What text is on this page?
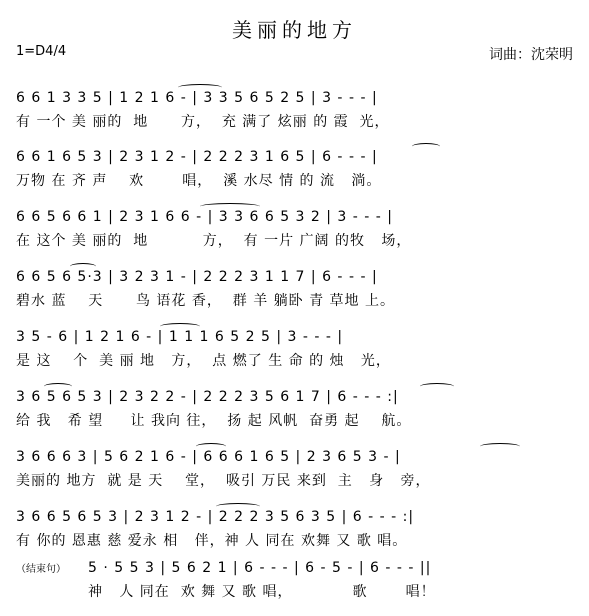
美丽的地方
1=D4/4	词曲：沈荣明
6 6 1 3 3 5 | 1 2 1 6 - | 3 3 5 6 5 2 5 | 3 - - - |
有 一个 美 丽的  地      方，  充 满了 炫丽 的 霞  光，
6 6 1 6 5 3 | 2 3 1 2 - | 2 2 2 3 1 6 5 | 6 - - - |
万物 在 齐 声    欢       唱，  溪 水尽 情 的 流   淌。
6 6 5 6 6 1 | 2 3 1 6 6 - | 3 3 6 6 5 3 2 | 3 - - - |
在 这个 美 丽的  地          方，  有 一片 广阔 的牧   场，
6 6 5 6 5·3 | 3 2 3 1 - | 2 2 2 3 1 1 7 | 6 - - - |
碧水 蓝    天      鸟 语花 香，  群 羊 躺卧 青 草地 上。
3 5 - 6 | 1 2 1 6 - | 1 1 1 6 5 2 5 | 3 - - - |
是 这    个  美 丽 地   方，  点 燃了 生 命 的 烛   光，
3 6 5 6 5 3 | 2 3 2 2 - | 2 2 2 3 5 6 1 7 | 6 - - - :|
给 我   希 望     让 我向 往，  扬 起 风帆  奋勇 起    航。
3 6 6 6 3 | 5 6 2 1 6 - | 6 6 6 1 6 5 | 2 3 6 5 3 - |
美丽的 地方  就 是 天    堂，  吸引 万民 来到  主   身   旁，
3 6 6 5 6 5 3 | 2 3 1 2 - | 2 2 2 3 5 6 3 5 | 6 - - - :|
有 你的 恩惠 慈 爱永 相   伴，神 人 同在 欢舞 又 歌 唱。
（结束句） 5 · 5 5 3 | 5 6 2 1 | 6 - - - | 6 - 5 - | 6 - - - ||
神   人 同在  欢 舞 又 歌 唱，           歌       唱！
